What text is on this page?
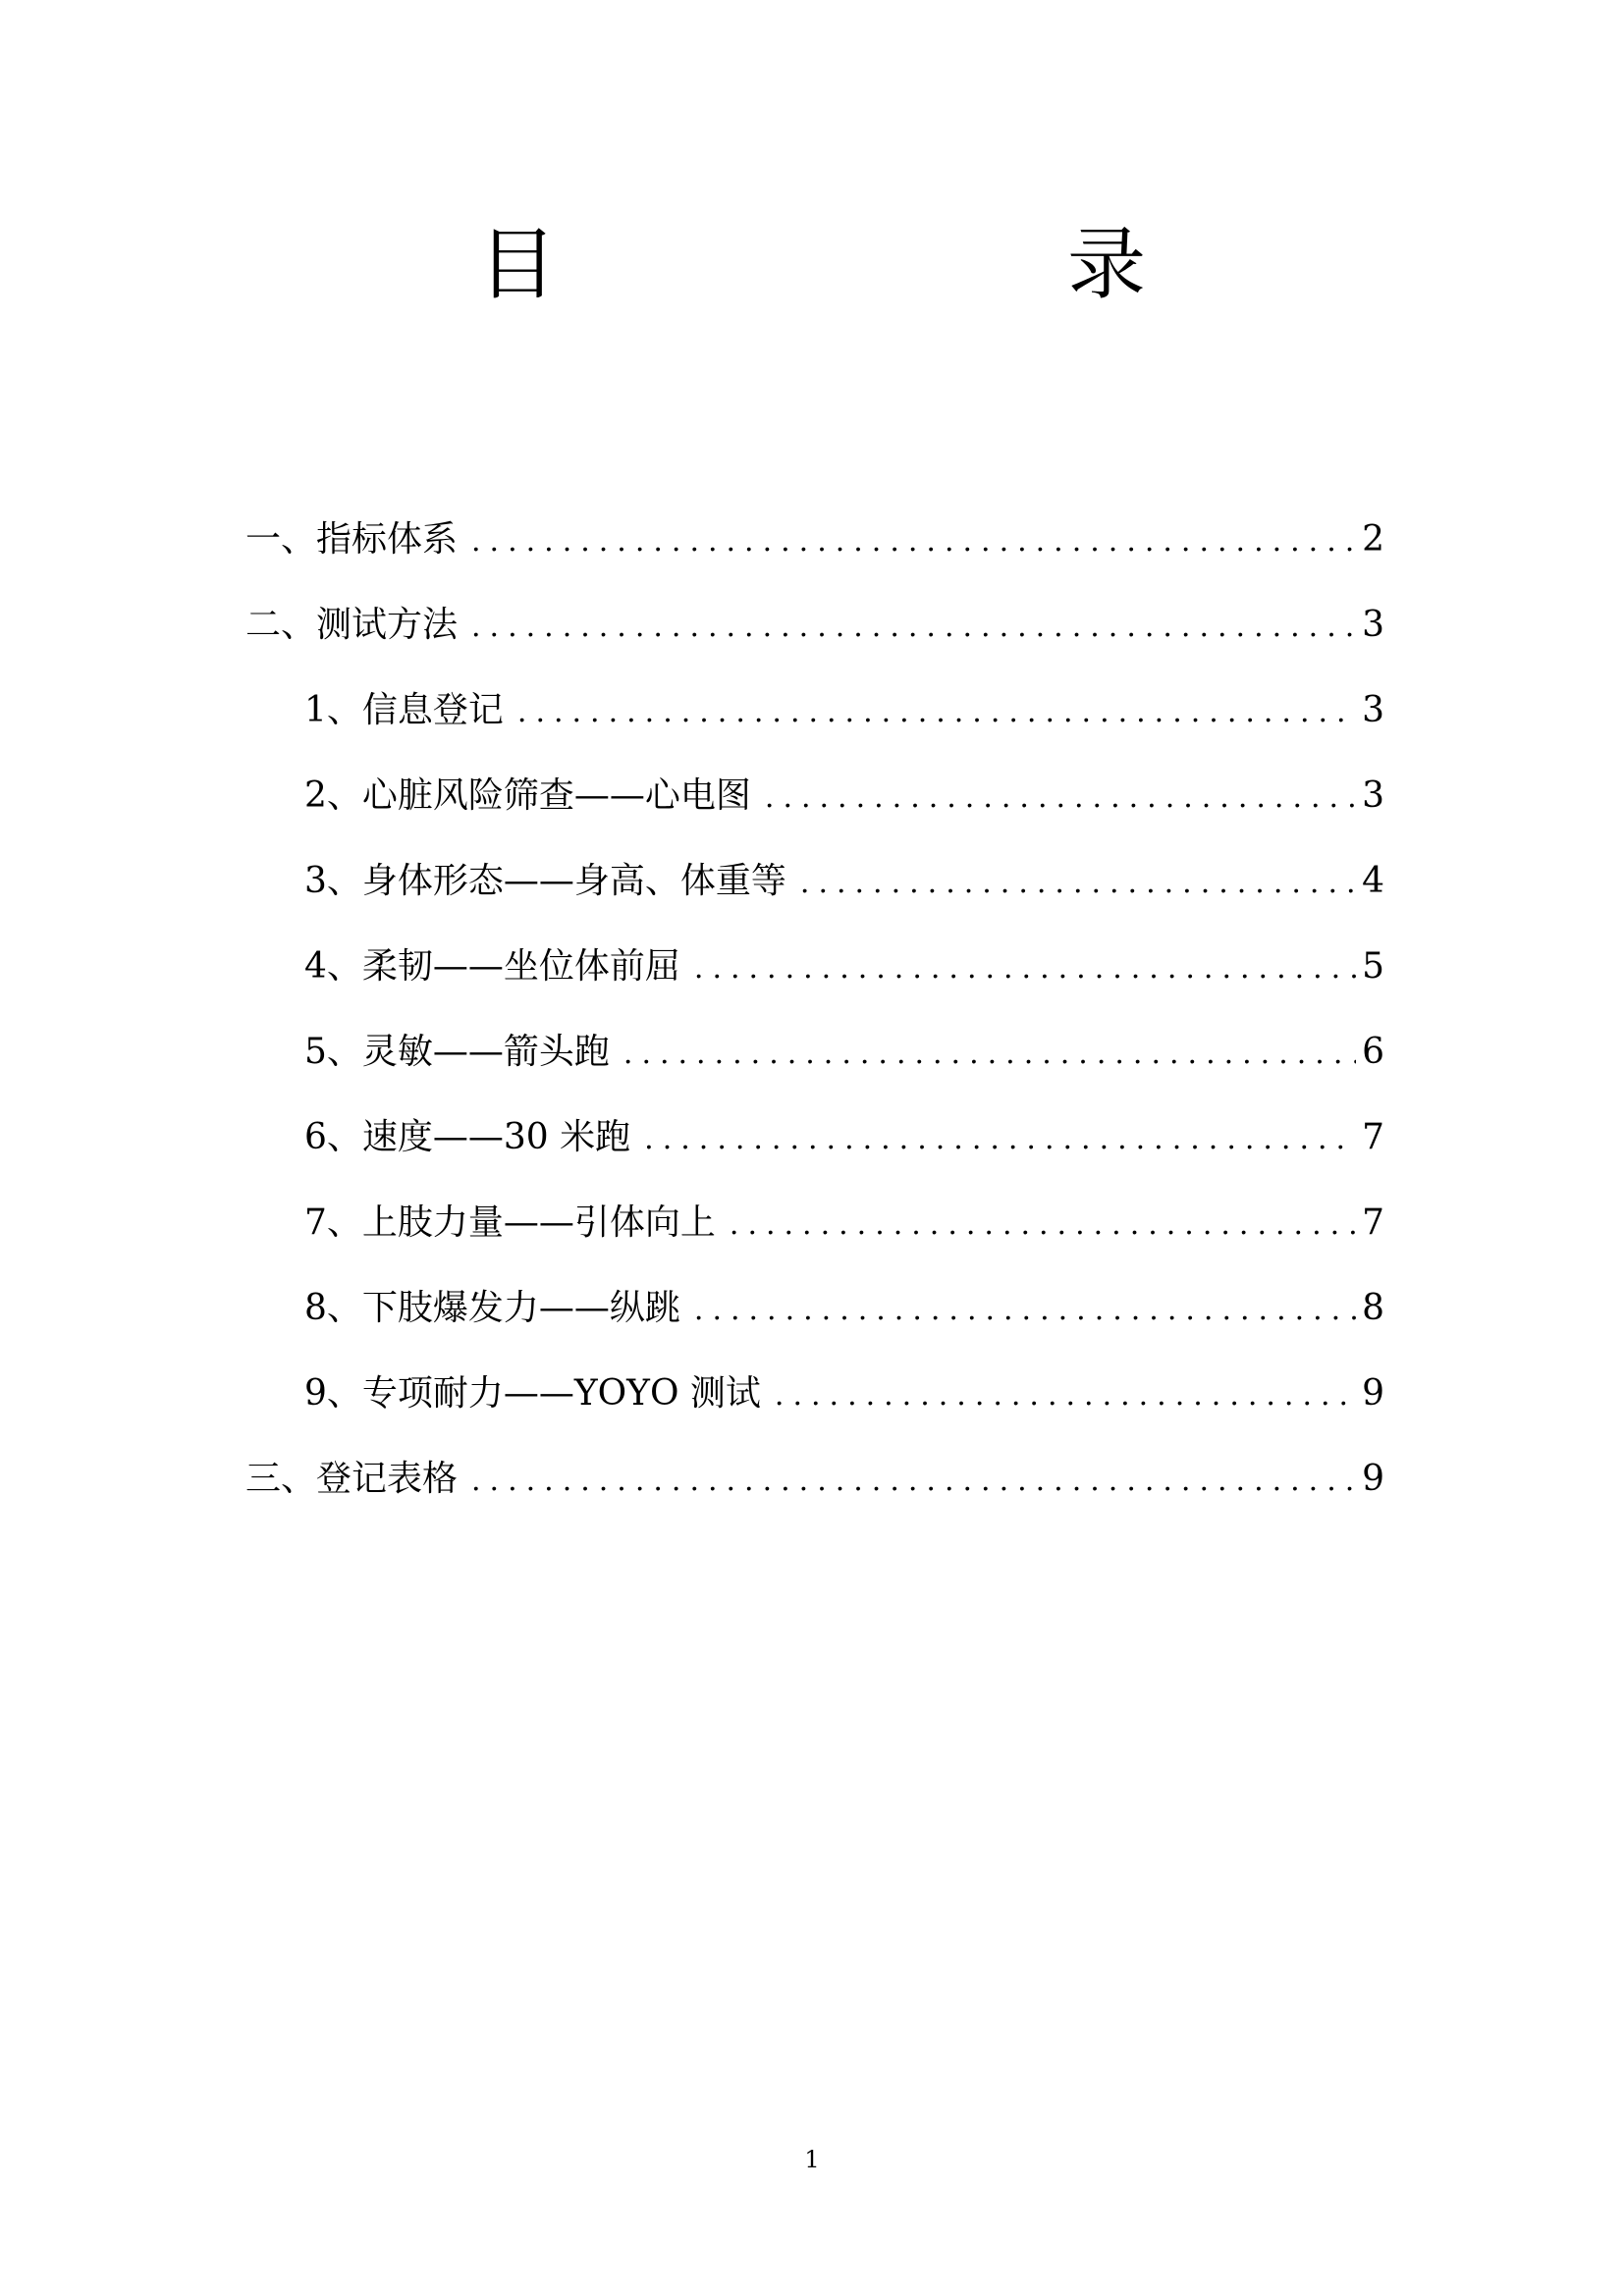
目　　录
一、指标体系 .....	2
二、测试方法 .....	3
1、信息登记 .....	3
2、心脏风险筛查——心电图 .....	3
3、身体形态——身高、体重等 .....	4
4、柔韧——坐位体前屈 .....	5
5、灵敏——箭头跑 .....	6
6、速度——30 米跑 .....	7
7、上肢力量——引体向上 .....	7
8、下肢爆发力——纵跳 .....	8
9、专项耐力——YOYO 测试 .....	9
三、登记表格 .....	9
1
